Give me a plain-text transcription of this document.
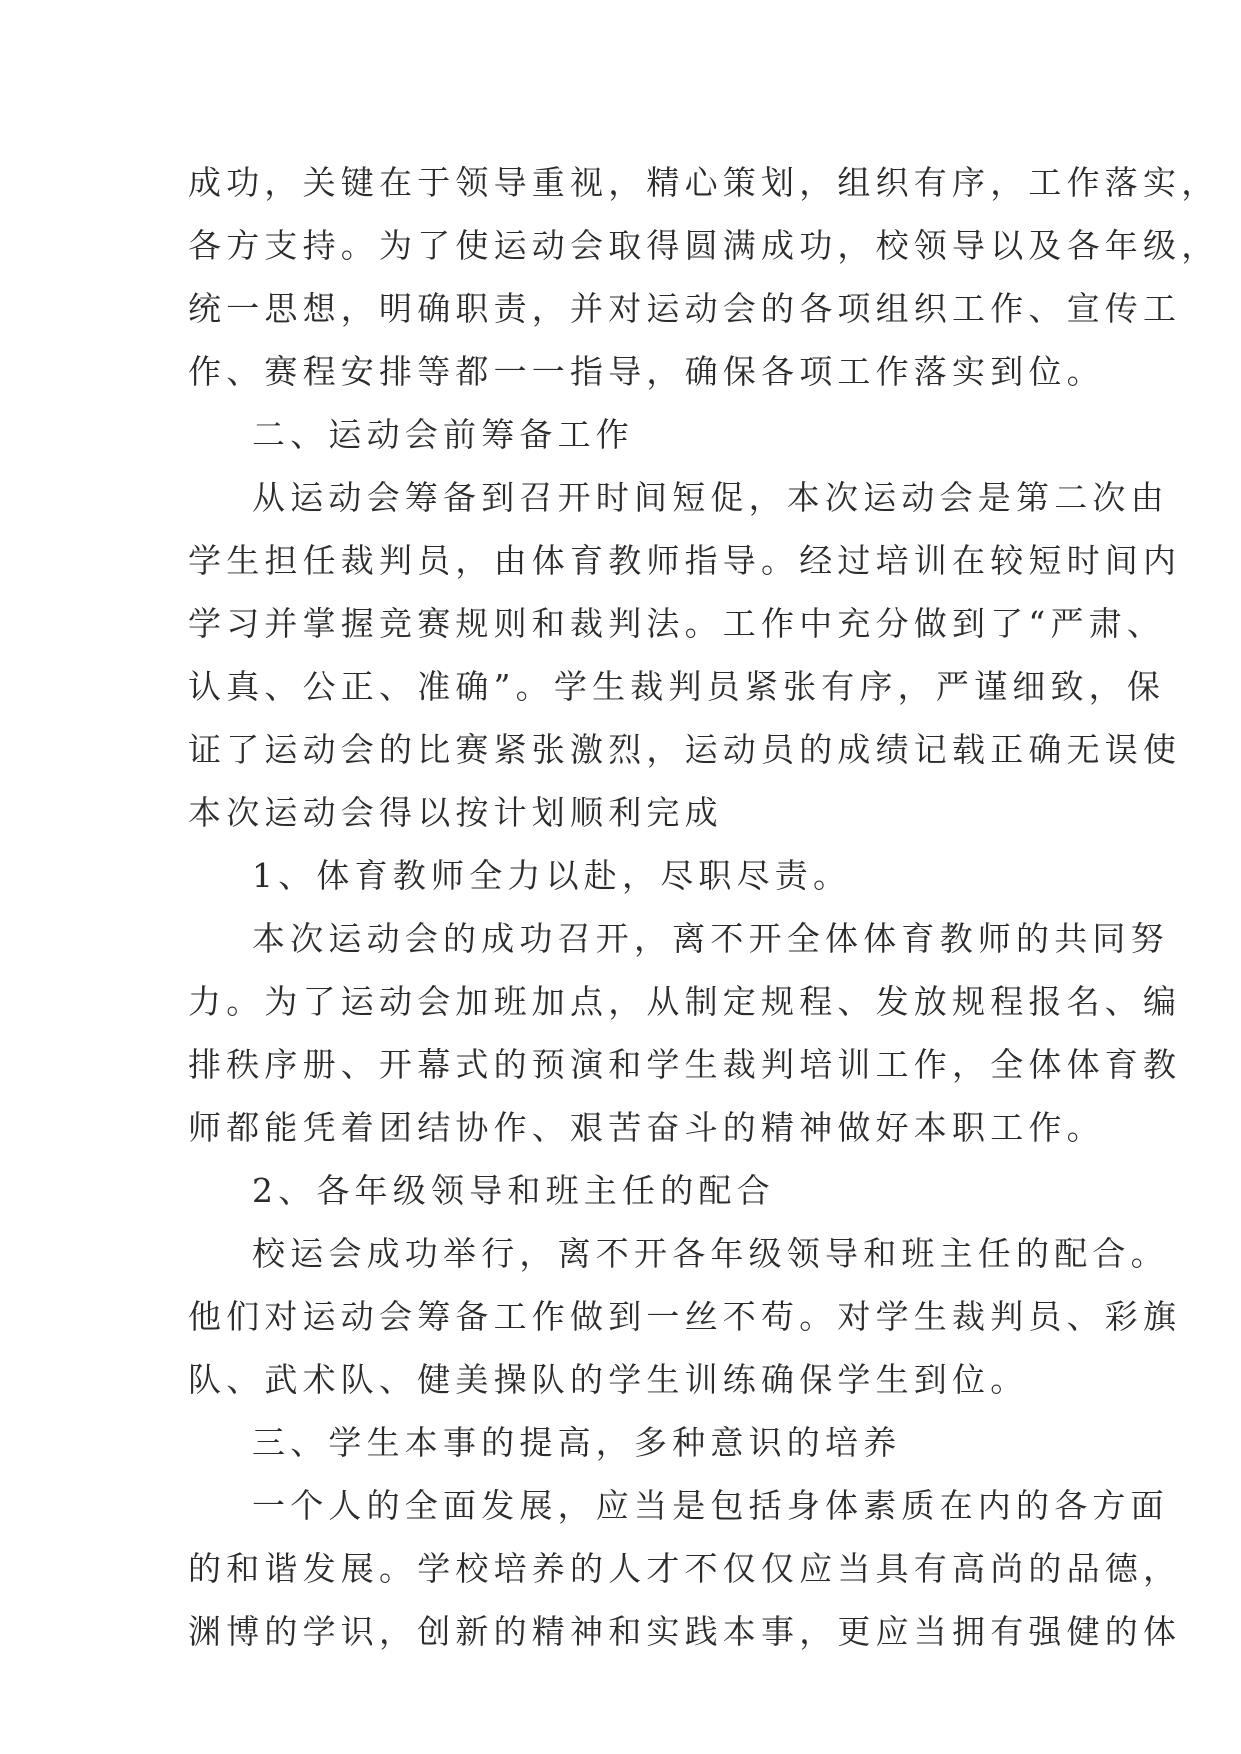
成功，关键在于领导重视，精心策划，组织有序，工作落实，

各方支持。为了使运动会取得圆满成功，校领导以及各年级，

统一思想，明确职责，并对运动会的各项组织工作、宣传工

作、赛程安排等都一一指导，确保各项工作落实到位。

二、运动会前筹备工作

从运动会筹备到召开时间短促，本次运动会是第二次由

学生担任裁判员，由体育教师指导。经过培训在较短时间内

学习并掌握竞赛规则和裁判法。工作中充分做到了“严肃、

认真、公正、准确”。学生裁判员紧张有序，严谨细致，保

证了运动会的比赛紧张激烈，运动员的成绩记载正确无误使

本次运动会得以按计划顺利完成

1、体育教师全力以赴，尽职尽责。

本次运动会的成功召开，离不开全体体育教师的共同努

力。为了运动会加班加点，从制定规程、发放规程报名、编

排秩序册、开幕式的预演和学生裁判培训工作，全体体育教

师都能凭着团结协作、艰苦奋斗的精神做好本职工作。

2、各年级领导和班主任的配合

校运会成功举行，离不开各年级领导和班主任的配合。

他们对运动会筹备工作做到一丝不苟。对学生裁判员、彩旗

队、武术队、健美操队的学生训练确保学生到位。

三、学生本事的提高，多种意识的培养

一个人的全面发展，应当是包括身体素质在内的各方面

的和谐发展。学校培养的人才不仅仅应当具有高尚的品德，

渊博的学识，创新的精神和实践本事，更应当拥有强健的体
